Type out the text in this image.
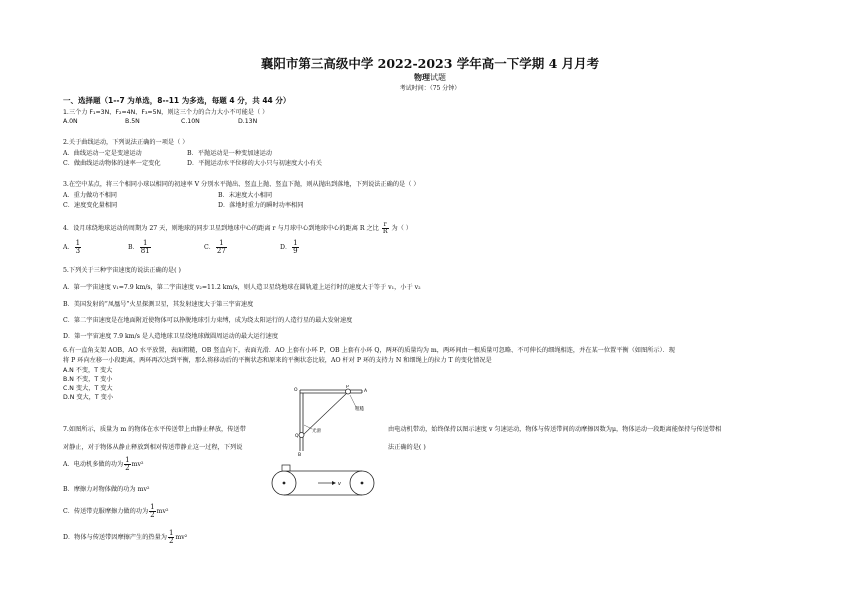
襄阳市第三高级中学 2022-2023 学年高一下学期 4 月月考
物理试题
考试时间：（75 分钟）
一、选择题（1--7 为单选，8--11 为多选，每题 4 分，共 44 分）
1.三个力 F₁=3N、F₂=4N、F₃=5N，则这三个力的合力大小不可能是（ ）
A.0N	B.5N	C.10N	D.13N
2.关于曲线运动，下列说法正确的一项是（ ）
A．曲线运动一定是变速运动	B．平抛运动是一种变加速运动
C．做曲线运动物体的速率一定变化	D．平抛运动水平位移的大小只与初速度大小有关
3.在空中某点，将三个相同小球以相同的初速率 V 分别水平抛出、竖直上抛、竖直下抛，则从抛出到落地，下列说法正确的是（ ）
A．重力做功不相同	B．末速度大小相同
C．速度变化量相同	D．落地时重力的瞬时功率相同
4．设月球绕地球运动的周期为 27 天，则地球的同步卫星到地球中心的距离 r 与月球中心到地球中心的距离 R 之比 $\frac{r}{R}$ 为（ ）
A． $\frac{1}{3}$	B． $\frac{1}{81}$	C． $\frac{1}{27}$	D． $\frac{1}{9}$
5.下列关于三种宇宙速度的说法正确的是( )
A．第一宇宙速度 v₁=7.9 km/s，第二宇宙速度 v₂=11.2 km/s，则人造卫星绕地球在圆轨道上运行时的速度大于等于 v₁，小于 v₂
B．美国发射的“凤凰号”火星探测卫星，其发射速度大于第三宇宙速度
C．第二宇宙速度是在地面附近使物体可以挣脱地球引力束缚，成为绕太阳运行的人造行星的最大发射速度
D．第一宇宙速度 7.9 km/s 是人造地球卫星绕地球做圆周运动的最大运行速度
6.有一直角支架 AOB，AO 水平放置，表面粗糙，OB 竖直向下，表面光滑．AO 上套有小环 P，OB 上套有小环 Q，两环的质量均为 m，两环间由一根质量可忽略、不可伸长的细绳相连，并在某一位置平衡（如图所示）．现
将 P 环向左移一小段距离，两环再次达到平衡，那么将移动后的平衡状态和原来的平衡状态比较，AO 杆对 P 环的支持力 N 和细绳上的拉力 T 的变化情况是
A.N 不变，T 变大
B.N 不变，T 变小
C.N 变大，T 变大
D.N 变大，T 变小
O
P
A
Q
B
粗糙
光滑
7.如图所示，质量为 m 的物体在水平传送带上由静止释放，传送带	由电动机带动，始终保持以图示速度 v 匀速运动，物体与传送带间的动摩擦因数为μ，物体运动一段距离能保持与传送带相
对静止，对于物体从静止释放到相对传送带静止这一过程，下列说	法正确的是( )
A．电动机多做的功为 $\frac{1}{2} mv^2$
B．摩擦力对物体做的功为 mv²
C．传送带克服摩擦力做的功为 $\frac{1}{2} mv^2$
D．物体与传送带因摩擦产生的热量为 $\frac{1}{2} mv^2$
v
